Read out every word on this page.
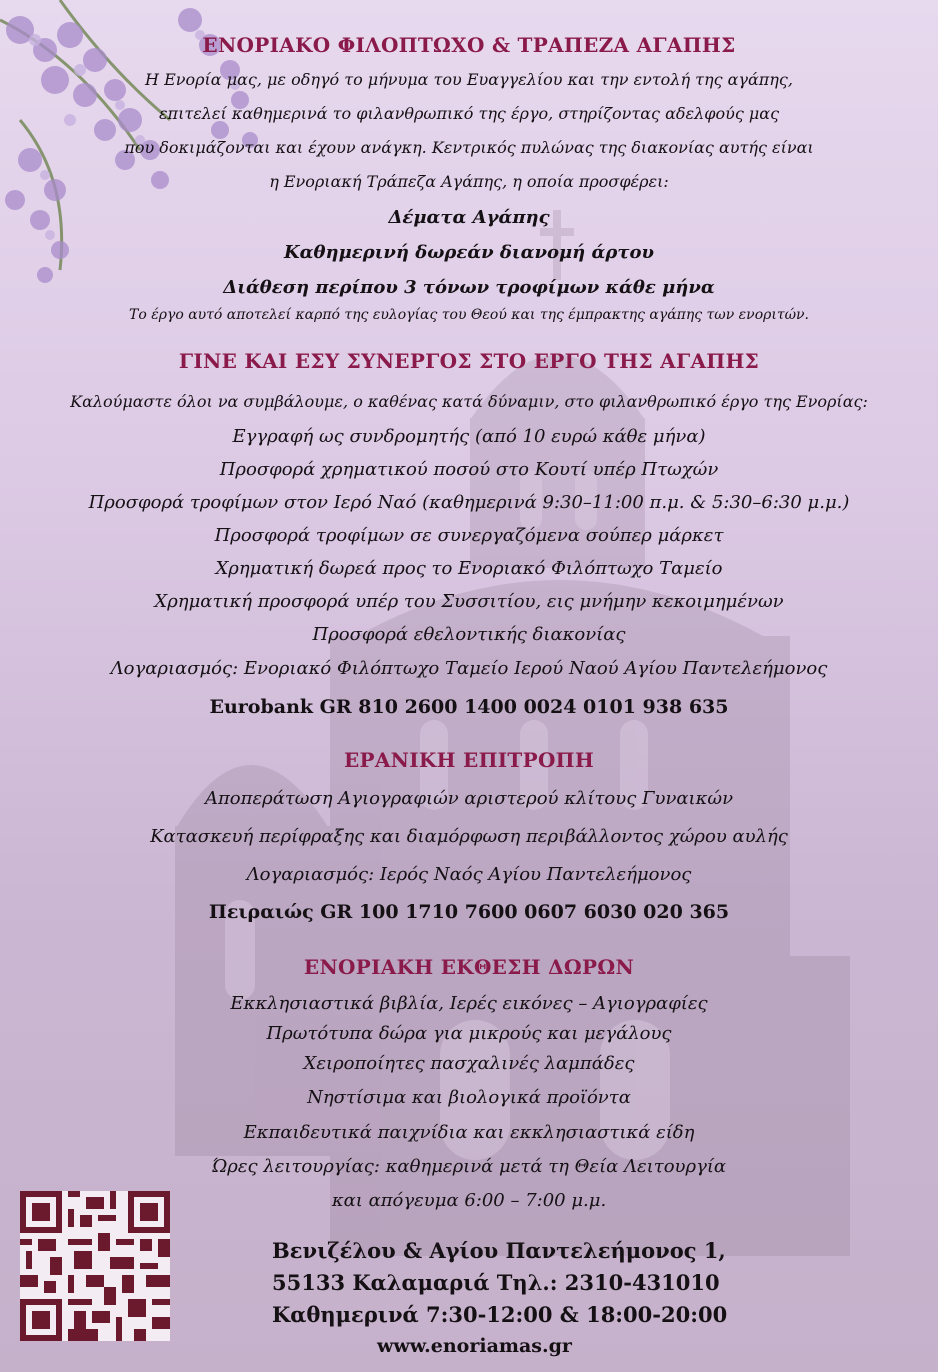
ΕΝΟΡΙΑΚΟ ΦΙΛΟΠΤΩΧΟ & ΤΡΑΠΕΖΑ ΑΓΑΠΗΣ
Η Ενορία μας, με οδηγό το μήνυμα του Ευαγγελίου και την εντολή της αγάπης,
επιτελεί καθημερινά το φιλανθρωπικό της έργο, στηρίζοντας αδελφούς μας
που δοκιμάζονται και έχουν ανάγκη. Κεντρικός πυλώνας της διακονίας αυτής είναι
η Ενοριακή Τράπεζα Αγάπης, η οποία προσφέρει:
Δέματα Αγάπης
Καθημερινή δωρεάν διανομή άρτου
Διάθεση περίπου 3 τόνων τροφίμων κάθε μήνα
Το έργο αυτό αποτελεί καρπό της ευλογίας του Θεού και της έμπρακτης αγάπης των ενοριτών.
ΓΙΝΕ ΚΑΙ ΕΣΥ ΣΥΝΕΡΓΟΣ ΣΤΟ ΕΡΓΟ ΤΗΣ ΑΓΑΠΗΣ
Καλούμαστε όλοι να συμβάλουμε, ο καθένας κατά δύναμιν, στο φιλανθρωπικό έργο της Ενορίας:
Εγγραφή ως συνδρομητής (από 10 ευρώ κάθε μήνα)
Προσφορά χρηματικού ποσού στο Κουτί υπέρ Πτωχών
Προσφορά τροφίμων στον Ιερό Ναό (καθημερινά 9:30–11:00 π.μ. & 5:30–6:30 μ.μ.)
Προσφορά τροφίμων σε συνεργαζόμενα σούπερ μάρκετ
Χρηματική δωρεά προς το Ενοριακό Φιλόπτωχο Ταμείο
Χρηματική προσφορά υπέρ του Συσσιτίου, εις μνήμην κεκοιμημένων
Προσφορά εθελοντικής διακονίας
Λογαριασμός: Ενοριακό Φιλόπτωχο Ταμείο Ιερού Ναού Αγίου Παντελεήμονος
Eurobank GR 810 2600 1400 0024 0101 938 635
ΕΡΑΝΙΚΗ ΕΠΙΤΡΟΠΗ
Αποπεράτωση Αγιογραφιών αριστερού κλίτους Γυναικών
Κατασκευή περίφραξης και διαμόρφωση περιβάλλοντος χώρου αυλής
Λογαριασμός: Ιερός Ναός Αγίου Παντελεήμονος
Πειραιώς GR 100 1710 7600 0607 6030 020 365
ΕΝΟΡΙΑΚΗ ΕΚΘΕΣΗ ΔΩΡΩΝ
Εκκλησιαστικά βιβλία, Ιερές εικόνες – Αγιογραφίες
Πρωτότυπα δώρα για μικρούς και μεγάλους
Χειροποίητες πασχαλινές λαμπάδες
Νηστίσιμα και βιολογικά προϊόντα
Εκπαιδευτικά παιχνίδια και εκκλησιαστικά είδη
Ώρες λειτουργίας: καθημερινά μετά τη Θεία Λειτουργία
και απόγευμα 6:00 – 7:00 μ.μ.
Βενιζέλου & Αγίου Παντελεήμονος 1,
55133 Καλαμαριά Τηλ.: 2310-431010
Καθημερινά 7:30-12:00 & 18:00-20:00
www.enoriamas.gr
